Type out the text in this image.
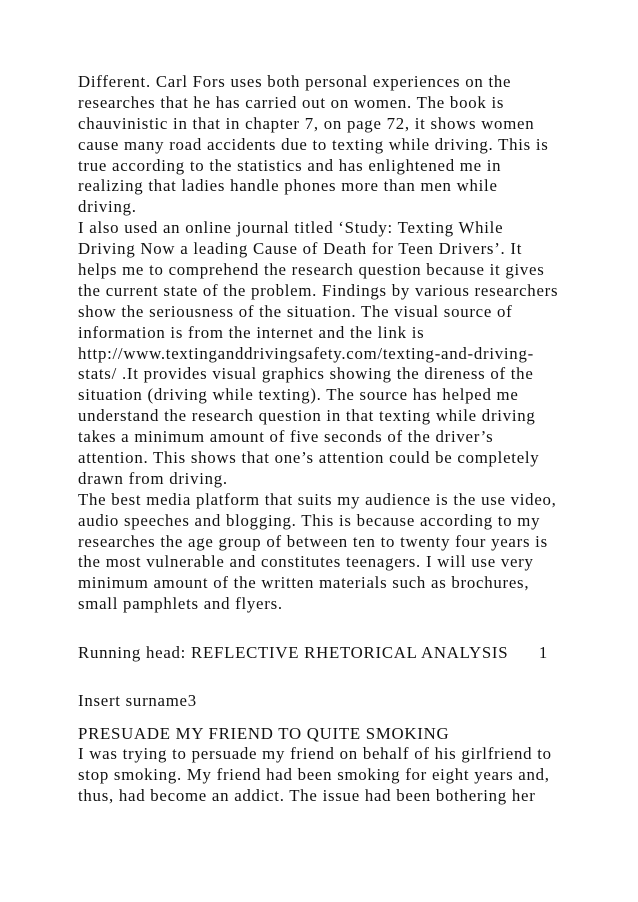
Different. Carl Fors uses both personal experiences on the
researches that he has carried out on women. The book is
chauvinistic in that in chapter 7, on page 72, it shows women
cause many road accidents due to texting while driving. This is
true according to the statistics and has enlightened me in
realizing that ladies handle phones more than men while
driving.
I also used an online journal titled ‘Study: Texting While
Driving Now a leading Cause of Death for Teen Drivers’. It
helps me to comprehend the research question because it gives
the current state of the problem. Findings by various researchers
show the seriousness of the situation. The visual source of
information is from the internet and the link is
http://www.textinganddrivingsafety.com/texting-and-driving-
stats/ .It provides visual graphics showing the direness of the
situation (driving while texting). The source has helped me
understand the research question in that texting while driving
takes a minimum amount of five seconds of the driver’s
attention. This shows that one’s attention could be completely
drawn from driving.
The best media platform that suits my audience is the use video,
audio speeches and blogging. This is because according to my
researches the age group of between ten to twenty four years is
the most vulnerable and constitutes teenagers. I will use very
minimum amount of the written materials such as brochures,
small pamphlets and flyers.
Running head: REFLECTIVE RHETORICAL ANALYSIS 1
Insert surname3
PRESUADE MY FRIEND TO QUITE SMOKING
I was trying to persuade my friend on behalf of his girlfriend to
stop smoking. My friend had been smoking for eight years and,
thus, had become an addict. The issue had been bothering her
